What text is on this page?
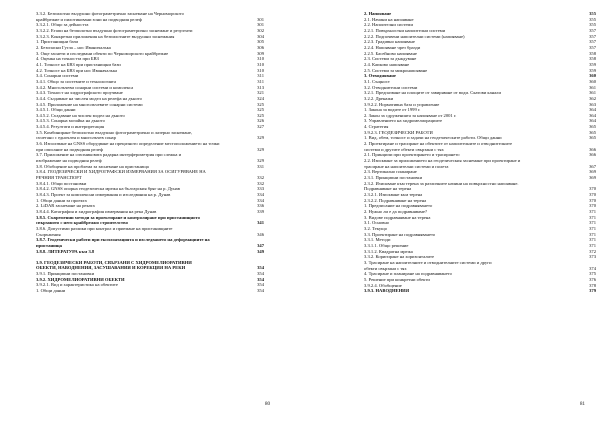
3.3.2. Безпилотно въздушно фотограметрично заснемане на Черноморското
крайбрежие и пилотиковани зони на подводния релеф	301
3.3.2.1. Общо за дейността	301
3.3.2.2. Етапи на безпилотно въздушно фотограметрично заснемане и резултати	302
3.3.2.3. Конкретни приложения на безпилотните въздушни заснемания	304
1. Пристанищни бази	305
2. Безопасни Гугла – нос Иваничалька	306
3. Още заснети и изследвани обекти по Черноморското крайбрежие	309
4. Оценка на точността при БВЗ	310
4.1. Точност на БВЗ при пристанищни бази	310
4.2. Точност на БВЗ при нос Иваначалька	310
3.4. Сонарни системи	311
3.4.1. Общо за системите и технологията	311
3.4.2. Многолъчеви сонарни системи и комплекса	313
3.4.3. Точност на хидрографското проучване	321
3.4.4. Създаване на числен модел на релефа на дъното	324
3.4.5. Приложение на многолъчевите сонарни системи	325
3.4.5.1. Общи данни	325
3.4.5.2. Създаване на числен модел на дъното	325
3.4.5.3. Сонарна мозайка на дъното	326
3.4.5.4. Резултати и интерпретация	327
3.5. Комбиниране безпилотно въздушно фотограметрично и лазерно заснемане,
съчетано с едночлен и многолъчев сонар	329
3.6. Използване на GNSS оборудване на прецизното определение местоположението на точки
при описание на подводния релеф	329
3.7. Приложение на спътниковата радарна интерферометрия при слежка и
изображение на подводния релеф	329
3.8. Обобщение на проблема за заснемане на пристанища	331
3.8.4. ГЕОДЕЗИЧЕСКИ И ХИДРОГРАФСКИ ИЗМЕРВАНИЯ ЗА ОСИГУРЯВАНЕ НА
РЕЧНИЯ ТРАНСПОРТ	332
3.8.4.1. Общи постановки	332
3.8.4.2. GNSS опорна геодезическа мрежа на българския бряг на р. Дунав	333
3.8.4.3. Проект за комплексни измервания и изследвания на р. Дунав	334
1. Общи данни за проекта	334
2. LiDAR заснемане на реката	336
3.8.4.4. Катаграфия и хидрография измервания на река Дунав	339
3.8.5. Съвременни методи за проектиране и контролиране при пристанищното
свързаното с него крайбрежно строителство	341
3.8.6. Допустими разлики при контрол и приемане на пристанищните
Съоръжения	346
3.8.7. Геодезически работи при експлоатацията и изследването на деформациите на
пристанища	347
3.8.8. ЛИТЕРАТУРА към 3.8	349
3.9. ГЕОДЕЗИЧЕСКИ РАБОТИ, СВЪРЗАНИ С ХИДРОМЕЛИОРАТИВНИ
ОБЕКТИ, НАВОДНЕНИЯ, ЗАСУШАВАНИЯ И КОРЕКЦИЯ НА РЕКИ	354
3.9.1. Принципни постановки	354
3.9.2. ХИДРОМЕЛИОРАТИВНИ ОБЕКТИ	354
3.9.2.1. Вид и характеристика на обектите	354
1. Общи данни	354
80
2. Напояване	355
2.1. Начини на напояване	355
2.2. Напоителни системи	355
2.2.1. Повърхностни напоителни системи	357
2.2.2. Подпочвени напоителни системи (напояване)	357
2.2.3. Градивно напояване	357
2.2.4. Напояване чрез бразди	357
2.2.5. Басейново напояване	358
2.3. Системи за дъждуване	358
2.4. Капково напояване	359
2.5. Системи за микронапояване	359
3. Отводняване	360
3.1. Същност	360
3.2. Отводнителни системи	361
3.2.1. Предпазване на площите от завиряване от води. Скатови канали	361
3.2.2. Дренажи	362
3.9.2.2. Нормативна база и управление	363
1. Закона за водите от 1999 г.	364
2. Закон за сдруженията за напояване от 2001 г.	364
3. Управлението на хидромелиорациите	364
4. Стратегия	365
3.9.2.3. ГЕОДЕЗИЧЕСКИ РАБОТИ	365
1. Вид, обем, точност и задачи на геодезическите работи. Общи данни	365
2. Проектиране и трасиране на обектите от напоителните и отводнителните
системи и другите обекти свързани с тях	366
2.1. Принципи при проектирането и трасирането	366
2.2. Изискване за приложението на геодезическия заснемане при проектиране и
трасиране на напоителни системи и полета	367
2.3. Вертикално планиране	369
2.3.1. Принципни постановки	369
2.3.2. Изискване към терена за различните начини на повърхностно напояване.
Подравняване на терена	370
2.3.2.1. Изискване към терена	370
2.3.2.2. Подравняване на терена	370
1. Предписание на подравняването	370
2. Нужно ли е да подравняваме?	371
3. Видове подравняване на терена	371
3.1. Основно	371
3.2. Текущо	371
3.3. Проектиране на подравняването	371
3.3.1. Методи	371
3.3.1.1. Общо решение	371
3.3.1.2. Квадратна мрежа	372
3.3.2. Коригиране на хоризонталите	373
3. Трасиране на напоителните и отводнителните системи и други
обекти свързани с тях	374
4. Трасиране и планиране на подравняването	375
5. Решение при конкретни обекти	376
3.9.2.4. Обобщение	378
3.9.3. НАВОДНЕНИЯ	379
81
